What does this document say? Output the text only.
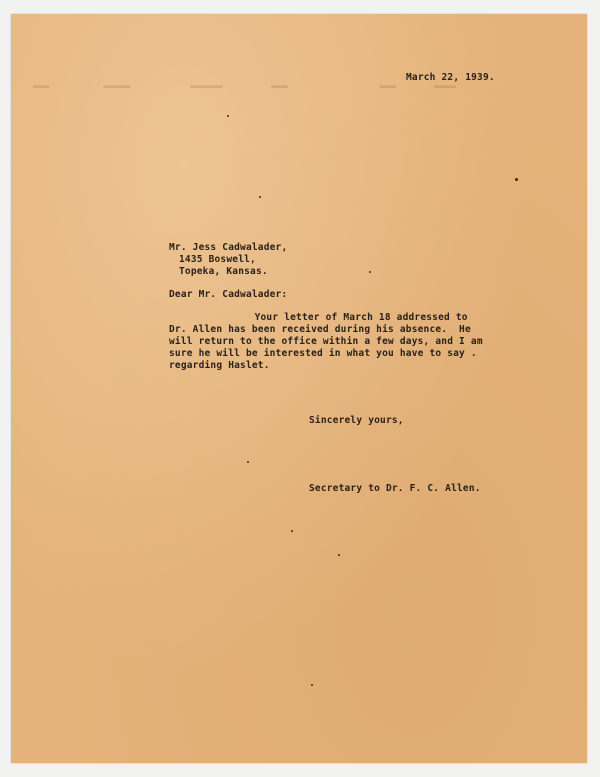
▬▬▬          ▬▬▬▬▬           ▬▬▬▬▬▬         ▬▬▬                 ▬▬▬       ▬▬▬▬
March 22, 1939.
Mr. Jess Cadwalader,
1435 Boswell,
Topeka, Kansas.
Dear Mr. Cadwalader:
Your letter of March 18 addressed to
Dr. Allen has been received during his absence.  He
will return to the office within a few days, and I am
sure he will be interested in what you have to say .
regarding Haslet.
Sincerely yours,
Secretary to Dr. F. C. Allen.
